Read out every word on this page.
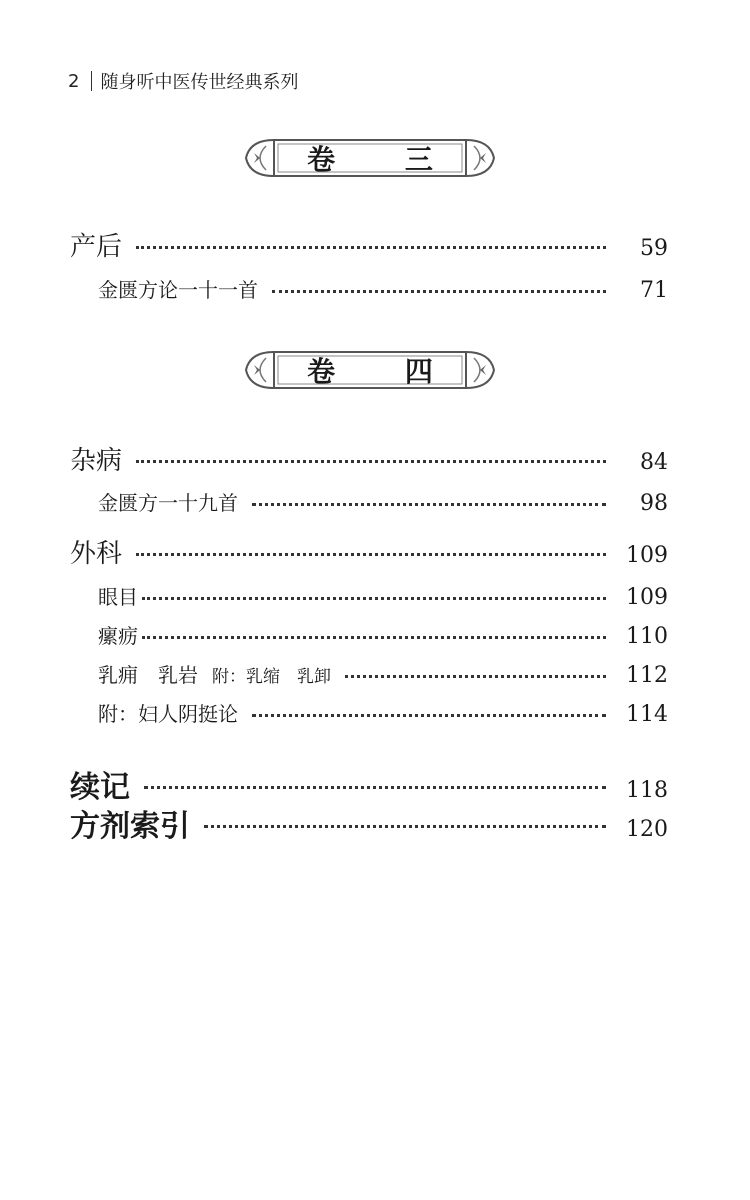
2 随身听中医传世经典系列
卷 三
产后	59
金匮方论一十一首	71
卷 四
杂病	84
金匮方一十九首	98
外科	109
眼目	109
瘰疬	110
乳痈　乳岩 附：乳缩　乳卸	112
附：妇人阴挺论	114
续记	118
方剂索引	120
